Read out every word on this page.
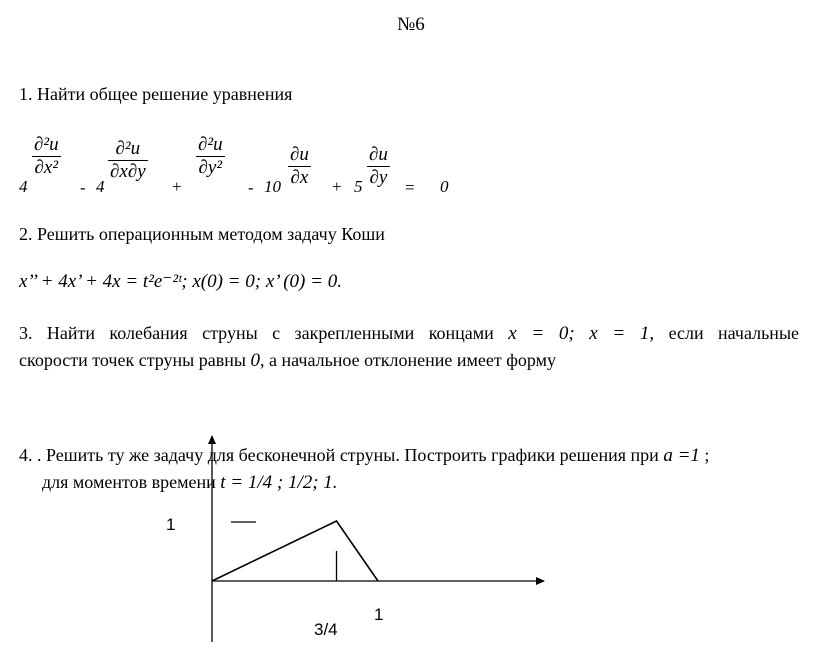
№6
1. Найти общее решение уравнения
4
$\frac{\text{∂²u}}{\text{∂x²}}$
- 4
$\frac{\text{∂²u}}{\partial x\partial y}$
+
$\frac{\text{∂²u}}{\text{∂y²}}$
- $10 \frac{\partial u}{\partial x} + 5 \frac{\partial u}{\partial y} = 0$
2. Решить операционным методом задачу Коши
x’’ + 4x’ + 4x = t²e⁻²ᵗ; x(0) = 0; x’ (0) = 0.
3. Найти колебания струны с закрепленными концами x = 0; x = 1, если начальные
скорости точек струны равны 0, а начальное отклонение имеет форму
1
3/4
1
4. . Решить ту же задачу для бесконечной струны. Построить графики решения при a =1 ;
для моментов времени t = 1/4 ; 1/2; 1.
